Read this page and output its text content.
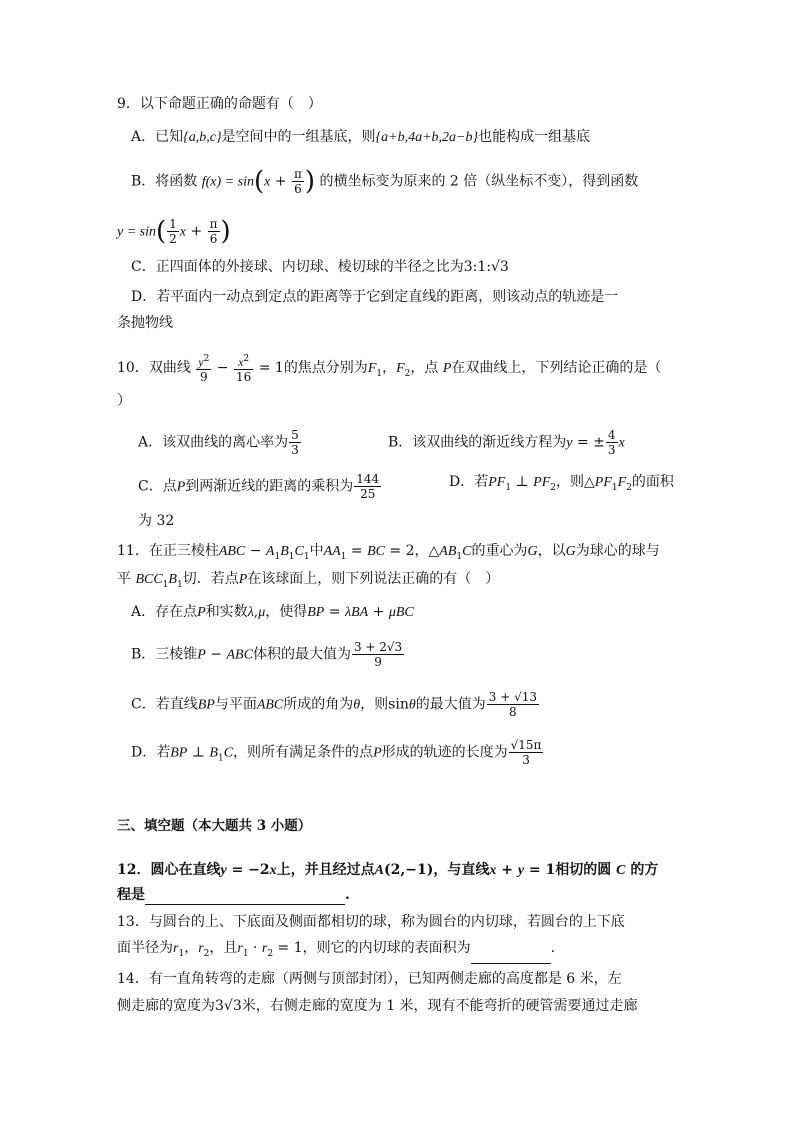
9．以下命题正确的命题有（　）
A．已知{a,b,c}是空间中的一组基底，则{a+b,4a+b,2a−b}也能构成一组基底
B．将函数 $f(x) = \sin(x + \frac{\pi}{6}$ ) 的横坐标变为原来的 2 倍（纵坐标不变），得到函数
$y = \sin( \frac{1}{2}$ $x + \frac{\pi}{6}$ )
C．正四面体的外接球、内切球、棱切球的半径之比为3:1:√3
D．若平面内一动点到定点的距离等于它到定直线的距离，则该动点的轨迹是一
条抛物线
10．双曲线 $\frac{y^2}{9} - \frac{x^2}{16} = 1$的焦点分别为$F_1$，$F_2$，点 P在双曲线上，下列结论正确的是（
）
A．该双曲线的离心率为 $\frac{5}{3}$	B．该双曲线的渐近线方程为y = ± $\frac{4}{3}$ x
C．点P到两渐近线的距离的乘积为 $\frac{144}{25}$	D．若$PF_1$ ⊥ $PF_2$，则$\triangle PF_1F_2$的面积
为 32
11．在正三棱柱ABC − $A_1B_1C_1$中$AA_1$ = BC = 2，$\triangle AB_1C$的重心为G，以G为球心的球与
平 $BCC_1B_1$切．若点P在该球面上，则下列说法正确的有（　）
A．存在点P和实数λ,μ，使得BP = λBA + μBC
B．三棱锥P − ABC体积的最大值为 $\frac{3 + 2√3}{9}$
C．若直线BP与平面ABC所成的角为θ，则sinθ的最大值为 $\frac{3 + √13}{8}$
D．若BP ⊥ $B_1C$，则所有满足条件的点P形成的轨迹的长度为 $\frac{√15\pi}{3}$
三、填空题（本大题共 3 小题）
12．圆心在直线y = −2x上，并且经过点A(2,−1)，与直线x + y = 1相切的圆 C 的方
程是	.
13．与圆台的上、下底面及侧面都相切的球，称为圆台的内切球，若圆台的上下底
面半径为$r_1$，$r_2$，且$r_1 \cdot r_2 = 1$，则它的内切球的表面积为	.
14．有一直角转弯的走廊（两侧与顶部封闭），已知两侧走廊的高度都是 6 米，左
侧走廊的宽度为3√3米，右侧走廊的宽度为 1 米，现有不能弯折的硬管需要通过走廊
